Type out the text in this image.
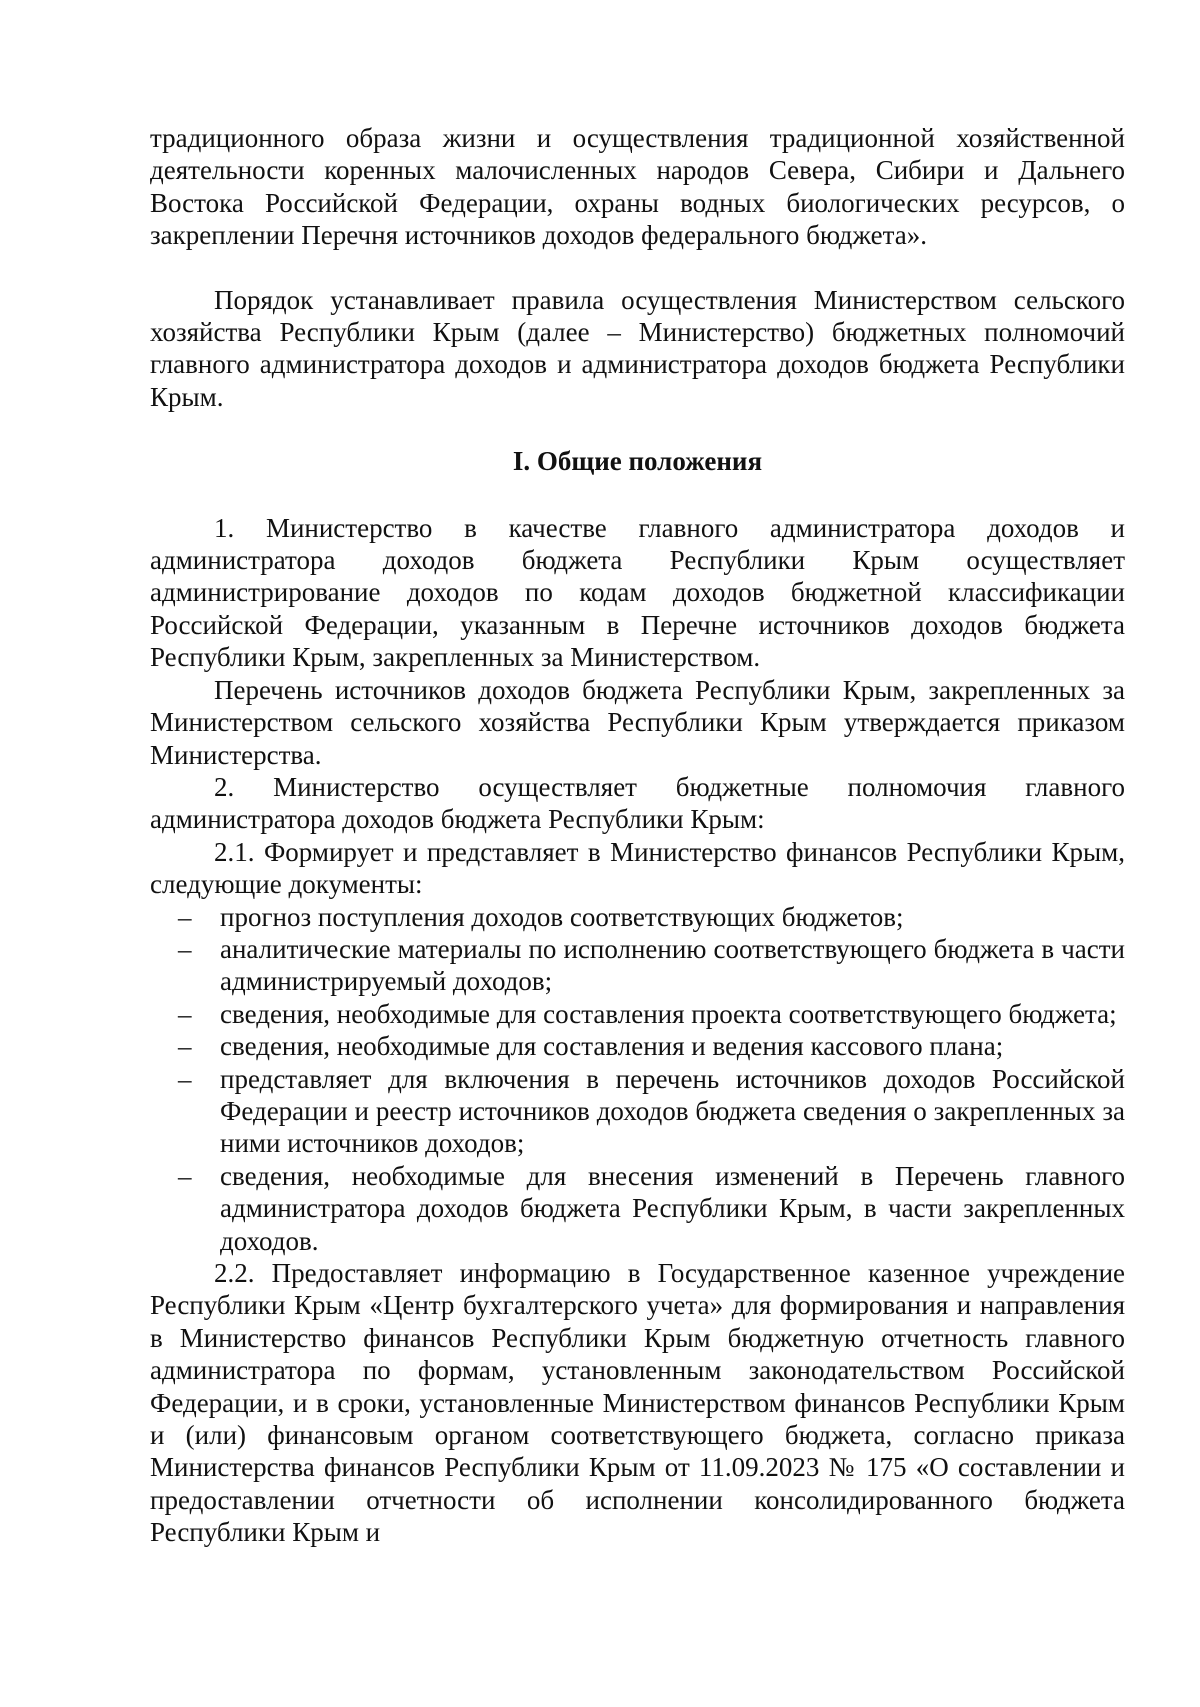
традиционного образа жизни и осуществления традиционной хозяйственной деятельности коренных малочисленных народов Севера, Сибири и Дальнего Востока Российской Федерации, охраны водных биологических ресурсов, о закреплении Перечня источников доходов федерального бюджета».

Порядок устанавливает правила осуществления Министерством сельского хозяйства Республики Крым (далее – Министерство) бюджетных полномочий главного администратора доходов и администратора доходов бюджета Республики Крым.

I. Общие положения

1. Министерство в качестве главного администратора доходов и администратора доходов бюджета Республики Крым осуществляет администрирование доходов по кодам доходов бюджетной классификации Российской Федерации, указанным в Перечне источников доходов бюджета Республики Крым, закрепленных за Министерством.

Перечень источников доходов бюджета Республики Крым, закрепленных за Министерством сельского хозяйства Республики Крым утверждается приказом Министерства.

2. Министерство осуществляет бюджетные полномочия главного администратора доходов бюджета Республики Крым:

2.1. Формирует и представляет в Министерство финансов Республики Крым, следующие документы:

– прогноз поступления доходов соответствующих бюджетов;
– аналитические материалы по исполнению соответствующего бюджета в части администрируемый доходов;
– сведения, необходимые для составления проекта соответствующего бюджета;
– сведения, необходимые для составления и ведения кассового плана;
– представляет для включения в перечень источников доходов Российской Федерации и реестр источников доходов бюджета сведения о закрепленных за ними источников доходов;
– сведения, необходимые для внесения изменений в Перечень главного администратора доходов бюджета Республики Крым, в части закрепленных доходов.

2.2. Предоставляет информацию в Государственное казенное учреждение Республики Крым «Центр бухгалтерского учета» для формирования и направления в Министерство финансов Республики Крым бюджетную отчетность главного администратора по формам, установленным законодательством Российской Федерации, и в сроки, установленные Министерством финансов Республики Крым и (или) финансовым органом соответствующего бюджета, согласно приказа Министерства финансов Республики Крым от 11.09.2023 № 175 «О составлении и предоставлении отчетности об исполнении консолидированного бюджета Республики Крым и
